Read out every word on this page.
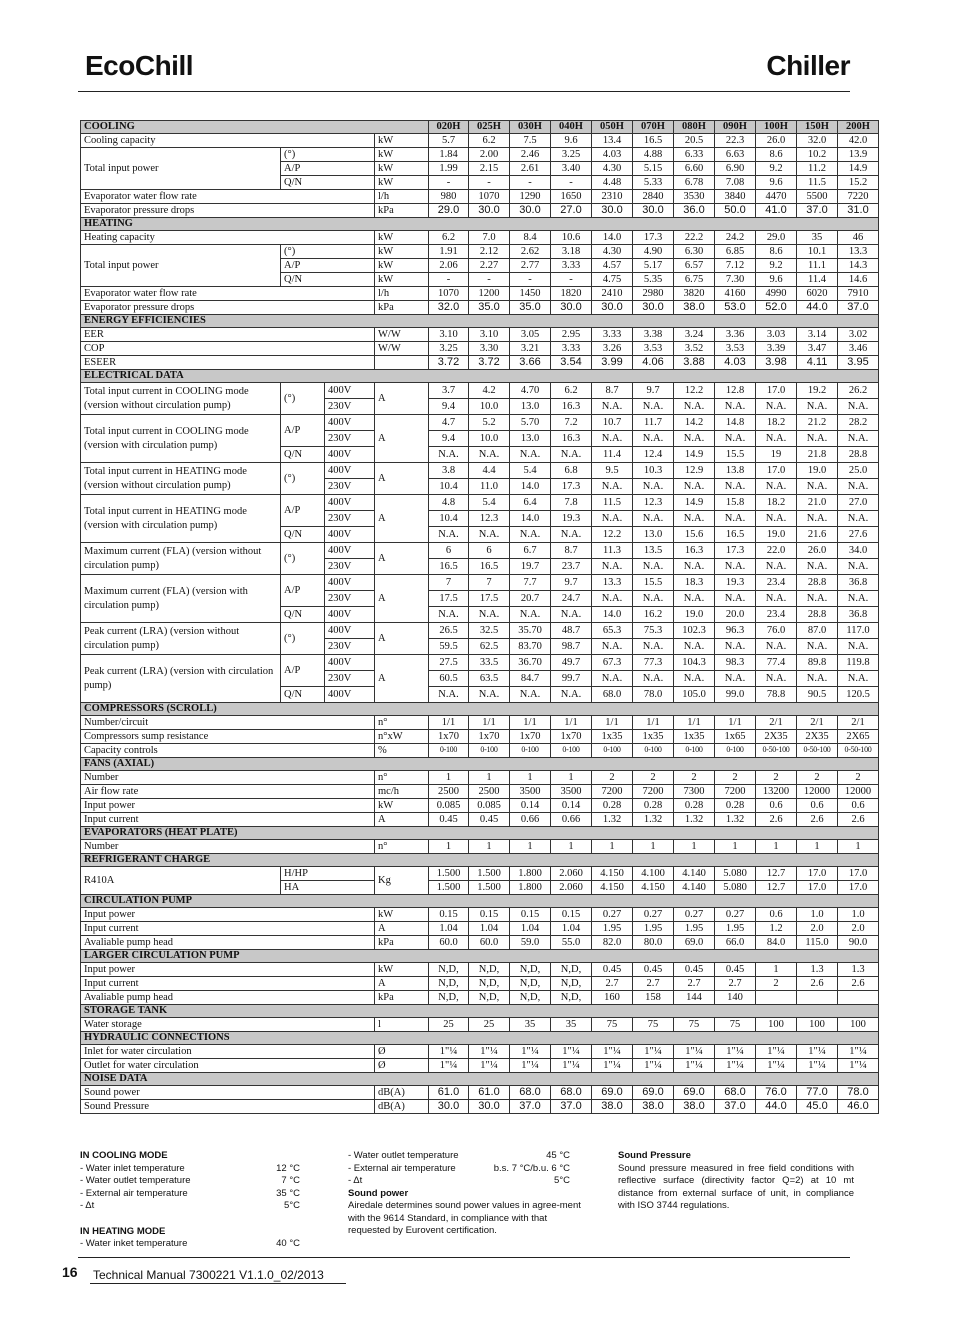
EcoChill	Chiller
COOLING				020H	025H	030H	040H	050H	070H	080H	090H	100H	150H	200H
Cooling capacity			kW	5.7	6.2	7.5	9.6	13.4	16.5	20.5	22.3	26.0	32.0	42.0
Total input power	(°)		kW	1.84	2.00	2.46	3.25	4.03	4.88	6.33	6.63	8.6	10.2	13.9
	A/P		kW	1.99	2.15	2.61	3.40	4.30	5.15	6.60	6.90	9.2	11.2	14.9
	Q/N		kW	-	-	-	-	4.48	5.33	6.78	7.08	9.6	11.5	15.2
Evaporator water flow rate			l/h	980	1070	1290	1650	2310	2840	3530	3840	4470	5500	7220
Evaporator pressure drops			kPa	29.0	30.0	30.0	27.0	30.0	30.0	36.0	50.0	41.0	37.0	31.0
HEATING														
Heating capacity			kW	6.2	7.0	8.4	10.6	14.0	17.3	22.2	24.2	29.0	35	46
Total input power	(°)		kW	1.91	2.12	2.62	3.18	4.30	4.90	6.30	6.85	8.6	10.1	13.3
	A/P		kW	2.06	2.27	2.77	3.33	4.57	5.17	6.57	7.12	9.2	11.1	14.3
	Q/N		kW	-	-	-	-	4.75	5.35	6.75	7.30	9.6	11.4	14.6
Evaporator water flow rate			l/h	1070	1200	1450	1820	2410	2980	3820	4160	4990	6020	7910
Evaporator pressure drops			kPa	32.0	35.0	35.0	30.0	30.0	30.0	38.0	53.0	52.0	44.0	37.0
ENERGY EFFICIENCIES														
EER			W/W	3.10	3.10	3.05	2.95	3.33	3.38	3.24	3.36	3.03	3.14	3.02
COP			W/W	3.25	3.30	3.21	3.33	3.26	3.53	3.52	3.53	3.39	3.47	3.46
ESEER				3.72	3.72	3.66	3.54	3.99	4.06	3.88	4.03	3.98	4.11	3.95
ELECTRICAL DATA														
Total input current in COOLING mode (version without circulation pump)	(°)	400V	A	3.7	4.2	4.70	6.2	8.7	9.7	12.2	12.8	17.0	19.2	26.2
		230V		9.4	10.0	13.0	16.3	N.A.	N.A.	N.A.	N.A.	N.A.	N.A.	N.A.
Total input current in COOLING mode (version with circulation pump)	A/P	400V	A	4.7	5.2	5.70	7.2	10.7	11.7	14.2	14.8	18.2	21.2	28.2
		230V		9.4	10.0	13.0	16.3	N.A.	N.A.	N.A.	N.A.	N.A.	N.A.	N.A.
	Q/N	400V		N.A.	N.A.	N.A.	N.A.	11.4	12.4	14.9	15.5	19	21.8	28.8
Total input current in HEATING mode (version without circulation pump)	(°)	400V	A	3.8	4.4	5.4	6.8	9.5	10.3	12.9	13.8	17.0	19.0	25.0
		230V		10.4	11.0	14.0	17.3	N.A.	N.A.	N.A.	N.A.	N.A.	N.A.	N.A.
Total input current in HEATING mode (version with circulation pump)	A/P	400V	A	4.8	5.4	6.4	7.8	11.5	12.3	14.9	15.8	18.2	21.0	27.0
		230V		10.4	12.3	14.0	19.3	N.A.	N.A.	N.A.	N.A.	N.A.	N.A.	N.A.
	Q/N	400V		N.A.	N.A.	N.A.	N.A.	12.2	13.0	15.6	16.5	19.0	21.6	27.6
Maximum current (FLA) (version without circulation pump)	(°)	400V	A	6	6	6.7	8.7	11.3	13.5	16.3	17.3	22.0	26.0	34.0
		230V		16.5	16.5	19.7	23.7	N.A.	N.A.	N.A.	N.A.	N.A.	N.A.	N.A.
Maximum current (FLA) (version with circulation pump)	A/P	400V	A	7	7	7.7	9.7	13.3	15.5	18.3	19.3	23.4	28.8	36.8
		230V		17.5	17.5	20.7	24.7	N.A.	N.A.	N.A.	N.A.	N.A.	N.A.	N.A.
	Q/N	400V		N.A.	N.A.	N.A.	N.A.	14.0	16.2	19.0	20.0	23.4	28.8	36.8
Peak current (LRA) (version without circulation pump)	(°)	400V	A	26.5	32.5	35.70	48.7	65.3	75.3	102.3	96.3	76.0	87.0	117.0
		230V		59.5	62.5	83.70	98.7	N.A.	N.A.	N.A.	N.A.	N.A.	N.A.	N.A.
Peak current (LRA) (version with circulation pump)	A/P	400V	A	27.5	33.5	36.70	49.7	67.3	77.3	104.3	98.3	77.4	89.8	119.8
		230V		60.5	63.5	84.7	99.7	N.A.	N.A.	N.A.	N.A.	N.A.	N.A.	N.A.
	Q/N	400V		N.A.	N.A.	N.A.	N.A.	68.0	78.0	105.0	99.0	78.8	90.5	120.5
COMPRESSORS (SCROLL)														
Number/circuit			n°	1/1	1/1	1/1	1/1	1/1	1/1	1/1	1/1	2/1	2/1	2/1
Compressors sump resistance			n°xW	1x70	1x70	1x70	1x70	1x35	1x35	1x35	1x65	2X35	2X35	2X65
Capacity controls			%	0-100	0-100	0-100	0-100	0-100	0-100	0-100	0-100	0-50-100	0-50-100	0-50-100
FANS (AXIAL)														
Number			n°	1	1	1	1	2	2	2	2	2	2	2
Air flow rate			mc/h	2500	2500	3500	3500	7200	7200	7300	7200	13200	12000	12000
Input power			kW	0.085	0.085	0.14	0.14	0.28	0.28	0.28	0.28	0.6	0.6	0.6
Input current			A	0.45	0.45	0.66	0.66	1.32	1.32	1.32	1.32	2.6	2.6	2.6
EVAPORATORS (HEAT PLATE)														
Number			n°	1	1	1	1	1	1	1	1	1	1	1
REFRIGERANT CHARGE														
R410A	H/HP		Kg	1.500	1.500	1.800	2.060	4.150	4.100	4.140	5.080	12.7	17.0	17.0
	HA			1.500	1.500	1.800	2.060	4.150	4.150	4.140	5.080	12.7	17.0	17.0
CIRCULATION PUMP														
Input power			kW	0.15	0.15	0.15	0.15	0.27	0.27	0.27	0.27	0.6	1.0	1.0
Input current			A	1.04	1.04	1.04	1.04	1.95	1.95	1.95	1.95	1.2	2.0	2.0
Avaliable pump head			kPa	60.0	60.0	59.0	55.0	82.0	80.0	69.0	66.0	84.0	115.0	90.0
LARGER CIRCULATION PUMP														
Input power			kW	N,D,	N,D,	N,D,	N,D,	0.45	0.45	0.45	0.45	1	1.3	1.3
Input current			A	N,D,	N,D,	N,D,	N,D,	2.7	2.7	2.7	2.7	2	2.6	2.6
Avaliable pump head			kPa	N,D,	N,D,	N,D,	N,D,	160	158	144	140			
STORAGE TANK														
Water storage			l	25	25	35	35	75	75	75	75	100	100	100
HYDRAULIC CONNECTIONS														
Inlet for water circulation			Ø	1"¼	1"¼	1"¼	1"¼	1"¼	1"¼	1"¼	1"¼	1"¼	1"¼	1"¼
Outlet for water circulation			Ø	1"¼	1"¼	1"¼	1"¼	1"¼	1"¼	1"¼	1"¼	1"¼	1"¼	1"¼
NOISE DATA														
Sound power			dB(A)	61.0	61.0	68.0	68.0	69.0	69.0	69.0	68.0	76.0	77.0	78.0
Sound Pressure			dB(A)	30.0	30.0	37.0	37.0	38.0	38.0	38.0	37.0	44.0	45.0	46.0
IN COOLING MODE
- Water inlet temperature	12 °C
- Water outlet temperature	7 °C
- External air temperature	35 °C
- Δt	5°C
IN HEATING MODE
- Water inket temperature	40 °C
- Water outlet temperature	45 °C
- External air temperature	b.s. 7 °C/b.u. 6 °C
- Δt	5°C
Sound power
Airedale determines sound power values in agree-ment with the 9614 Standard, in compliance with that requested by Eurovent certification.
Sound Pressure
Sound pressure measured in free field conditions with reflective surface (directivity factor Q=2) at 10 mt distance from external surface of unit, in compliance with ISO 3744 regulations.
16 Technical Manual 7300221 V1.1.0_02/2013
